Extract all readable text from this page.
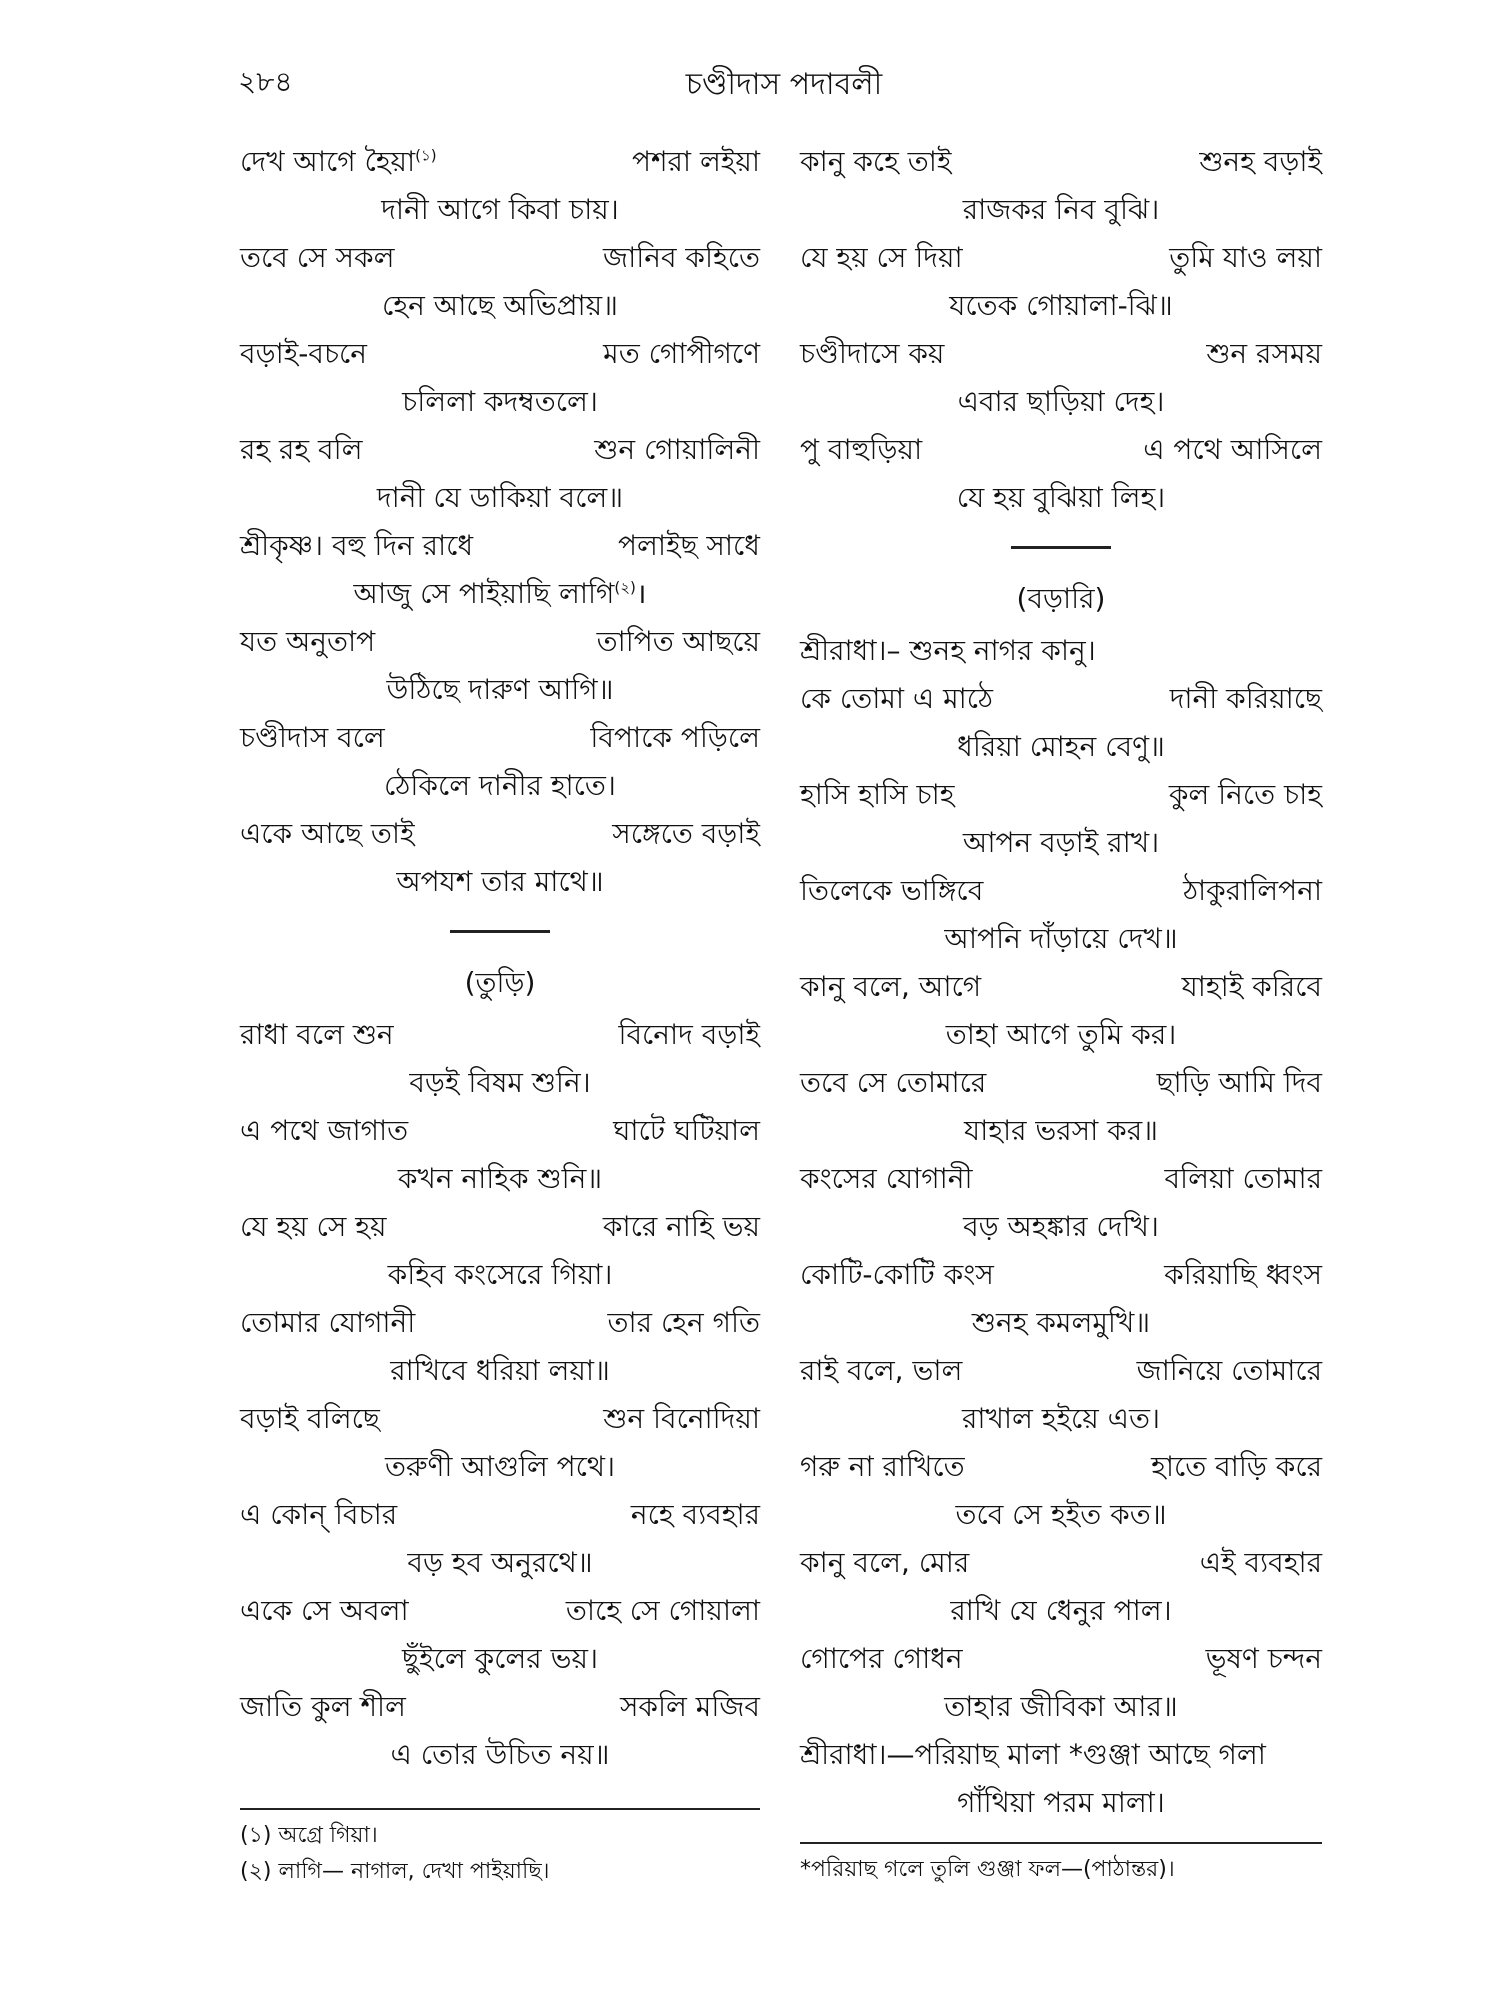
২৮৪	চণ্ডীদাস পদাবলী
দেখ আগে হৈয়া$^{(১)}$	পশরা লইয়া
দানী আগে কিবা চায়।
তবে সে সকল	জানিব কহিতে
হেন আছে অভিপ্রায়॥
বড়াই-বচনে	মত গোপীগণে
চলিলা কদম্বতলে।
রহ রহ বলি	শুন গোয়ালিনী
দানী যে ডাকিয়া বলে॥
শ্রীকৃষ্ণ। বহু দিন রাধে	পলাইছ সাধে
আজু সে পাইয়াছি লাগি$^{(২)}$।
যত অনুতাপ	তাপিত আছয়ে
উঠিছে দারুণ আগি॥
চণ্ডীদাস বলে	বিপাকে পড়িলে
ঠেকিলে দানীর হাতে।
একে আছে তাই	সঙ্গেতে বড়াই
অপযশ তার মাথে॥
(তুড়ি)
রাধা বলে শুন	বিনোদ বড়াই
বড়ই বিষম শুনি।
এ পথে জাগাত	ঘাটে ঘটিয়াল
কখন নাহিক শুনি॥
যে হয় সে হয়	কারে নাহি ভয়
কহিব কংসেরে গিয়া।
তোমার যোগানী	তার হেন গতি
রাখিবে ধরিয়া লয়া॥
বড়াই বলিছে	শুন বিনোদিয়া
তরুণী আগুলি পথে।
এ কোন্ বিচার	নহে ব্যবহার
বড় হব অনুরথে॥
একে সে অবলা	তাহে সে গোয়ালা
ছুঁইলে কুলের ভয়।
জাতি কুল শীল	সকলি মজিব
এ তোর উচিত নয়॥
কানু কহে তাই	শুনহ বড়াই
রাজকর নিব বুঝি।
যে হয় সে দিয়া	তুমি যাও লয়া
যতেক গোয়ালা-ঝি॥
চণ্ডীদাসে কয়	শুন রসময়
এবার ছাড়িয়া দেহ।
পু বাহুড়িয়া	এ পথে আসিলে
যে হয় বুঝিয়া লিহ।
(বড়ারি)
শ্রীরাধা।– শুনহ নাগর কানু।
কে তোমা এ মাঠে	দানী করিয়াছে
ধরিয়া মোহন বেণু॥
হাসি হাসি চাহ	কুল নিতে চাহ
আপন বড়াই রাখ।
তিলেকে ভাঙ্গিবে	ঠাকুরালিপনা
আপনি দাঁড়ায়ে দেখ॥
কানু বলে, আগে	যাহাই করিবে
তাহা আগে তুমি কর।
তবে সে তোমারে	ছাড়ি আমি দিব
যাহার ভরসা কর॥
কংসের যোগানী	বলিয়া তোমার
বড় অহঙ্কার দেখি।
কোটি-কোটি কংস	করিয়াছি ধ্বংস
শুনহ কমলমুখি॥
রাই বলে, ভাল	জানিয়ে তোমারে
রাখাল হইয়ে এত।
গরু না রাখিতে	হাতে বাড়ি করে
তবে সে হইত কত॥
কানু বলে, মোর	এই ব্যবহার
রাখি যে ধেনুর পাল।
গোপের গোধন	ভূষণ চন্দন
তাহার জীবিকা আর॥
শ্রীরাধা।—পরিয়াছ মালা *গুঞ্জা আছে গলা
গাঁথিয়া পরম মালা।
(১) অগ্রে গিয়া।
(২) লাগি— নাগাল, দেখা পাইয়াছি।	*পরিয়াছ গলে তুলি গুঞ্জা ফল—(পাঠান্তর)।
